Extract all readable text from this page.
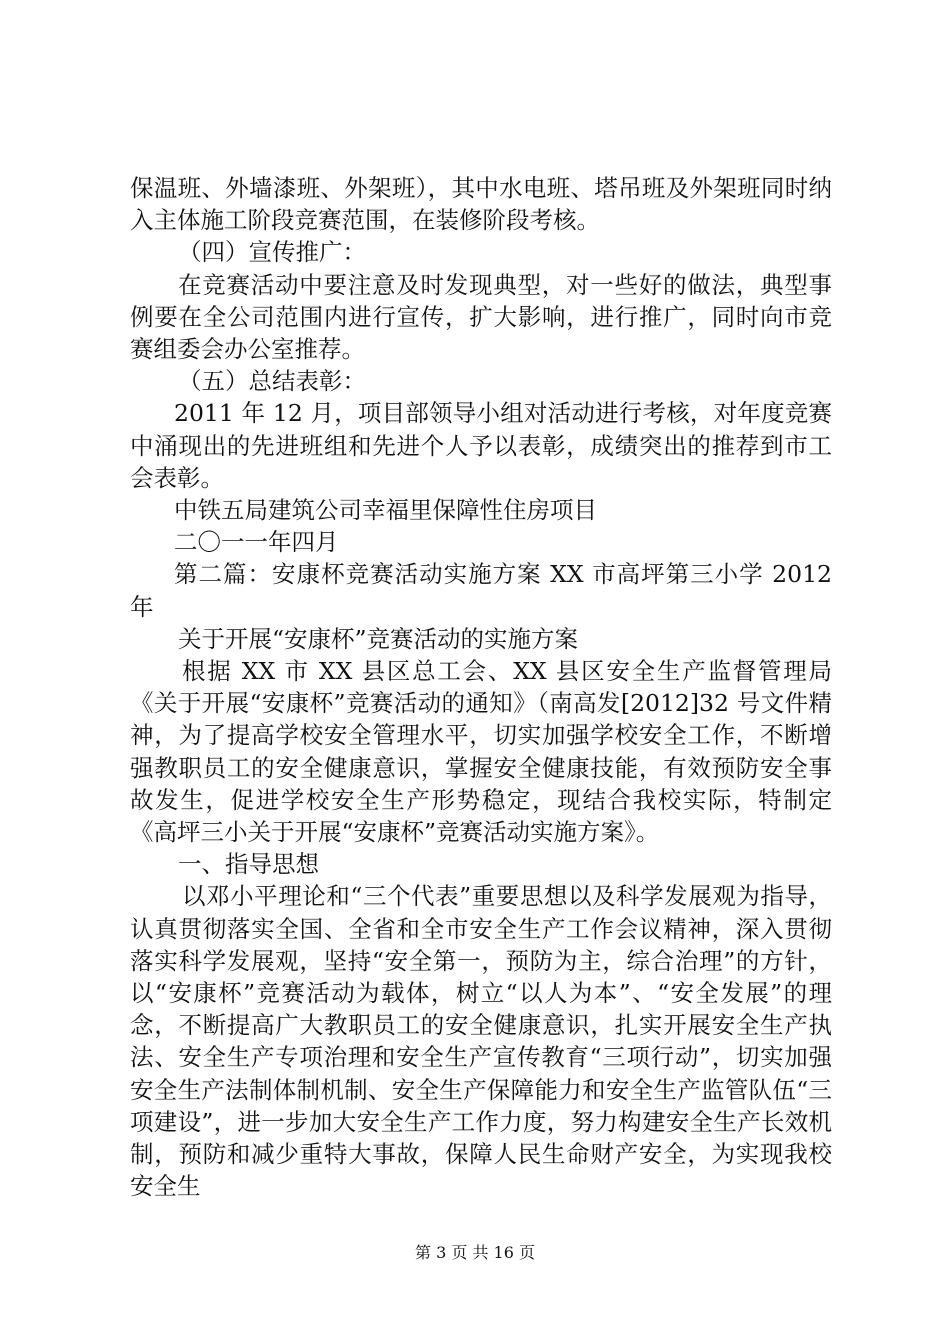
保温班、外墙漆班、外架班），其中水电班、塔吊班及外架班同时纳入主体施工阶段竞赛范围，在装修阶段考核。

（四）宣传推广：

在竞赛活动中要注意及时发现典型，对一些好的做法，典型事例要在全公司范围内进行宣传，扩大影响，进行推广，同时向市竞赛组委会办公室推荐。

（五）总结表彰：

2011 年 12 月，项目部领导小组对活动进行考核，对年度竞赛中涌现出的先进班组和先进个人予以表彰，成绩突出的推荐到市工会表彰。

中铁五局建筑公司幸福里保障性住房项目

二〇一一年四月

第二篇：安康杯竞赛活动实施方案 XX 市高坪第三小学 2012 年

关于开展“安康杯”竞赛活动的实施方案

根据 XX 市 XX 县区总工会、XX 县区安全生产监督管理局《关于开展“安康杯”竞赛活动的通知》（南高发[2012]32 号文件精神，为了提高学校安全管理水平，切实加强学校安全工作，不断增强教职员工的安全健康意识，掌握安全健康技能，有效预防安全事故发生，促进学校安全生产形势稳定，现结合我校实际，特制定《高坪三小关于开展“安康杯”竞赛活动实施方案》。

一、指导思想

以邓小平理论和“三个代表”重要思想以及科学发展观为指导，认真贯彻落实全国、全省和全市安全生产工作会议精神，深入贯彻落实科学发展观，坚持“安全第一，预防为主，综合治理”的方针，以“安康杯”竞赛活动为载体，树立“以人为本”、“安全发展”的理念，不断提高广大教职员工的安全健康意识，扎实开展安全生产执法、安全生产专项治理和安全生产宣传教育“三项行动”，切实加强安全生产法制体制机制、安全生产保障能力和安全生产监管队伍“三项建设”，进一步加大安全生产工作力度，努力构建安全生产长效机制，预防和减少重特大事故，保障人民生命财产安全，为实现我校安全生

第 3 页 共 16 页
